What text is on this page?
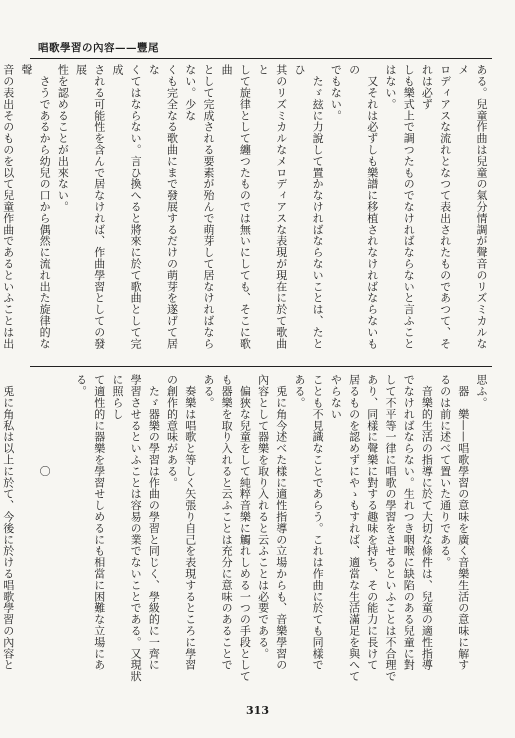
唱歌學習の內容——豐尾

ある。兒童作曲は兒童の氣分情調が聲音のリズミカルなメ
ロディアスな流れとなつて表出されたものであつて、それは必ず
しも樂式上で調つたものでなければならないと言ふこと
はない。
　又それは必ずしも樂譜に移植されなければならないもの
でもない。
　たゞ玆に力說して置かなければならないことは、たとひ
其のリズミカルなメロディアスな表現が現在に於て歌曲と
して旋律として纏つたものでは無いにしても、そこに歌曲
として完成される要素が殆んで萌芽して居なければならない。少な
くも完全なる歌曲にまで發展するだけの萌芽を遂げて居な
くてはならない。言ひ換へると將來に於て歌曲として完成
される可能性を含んで居なければ、作曲學習としての發展
性を認めることが出來ない。
　さうであるから幼兒の口から偶然に流れ出た旋律的な聲
音の表出そのものを以て兒童作曲であるといふことは出

思ふ。
　器　樂——唱歌學習の意味を廣く音樂生活の意味に解す
るのは前に述べて置いた通りである。
　音樂的生活の指導に於て大切な條件は、兒童の適性指導
でなければならない。生れつき咽喉に缺陷のある兒童に對
して不平等一律に唱歌の學習をさせるといふことは不合理で
あり、同樣に聲樂に對する趣味を持ち、その能力に長けて
居るものを認めずにやゝもすれば、適當な生活滿足を與へてやらない
ことも不見識なことであらう。これは作曲に於ても同樣で
ある。
　兎に角今述べた樣に適性指導の立場からも、音樂學習の
內容として器樂を取り入れると云ふことは必要である。
　偏狹な兒童をして純粹音樂に觸れしめる一つの手段として
も器樂を取り入れると云ふことは充分に意味のあることで
ある。
　奏樂は唱歌と等しく矢張り自己を表現するところに學習
の創作的意味がある。
　たゞ器樂の學習は作曲の學習と同じく、學級的に一齊に
學習させるといふことは容易の業でないことである。又現狀に照らし
て適性的に器樂を學習せしめるにも相當に困難な立場にあ
る。

　　　　　　　　〇

　兎に角私は以上に於て、今後に於ける唱歌學習の內容と

313
